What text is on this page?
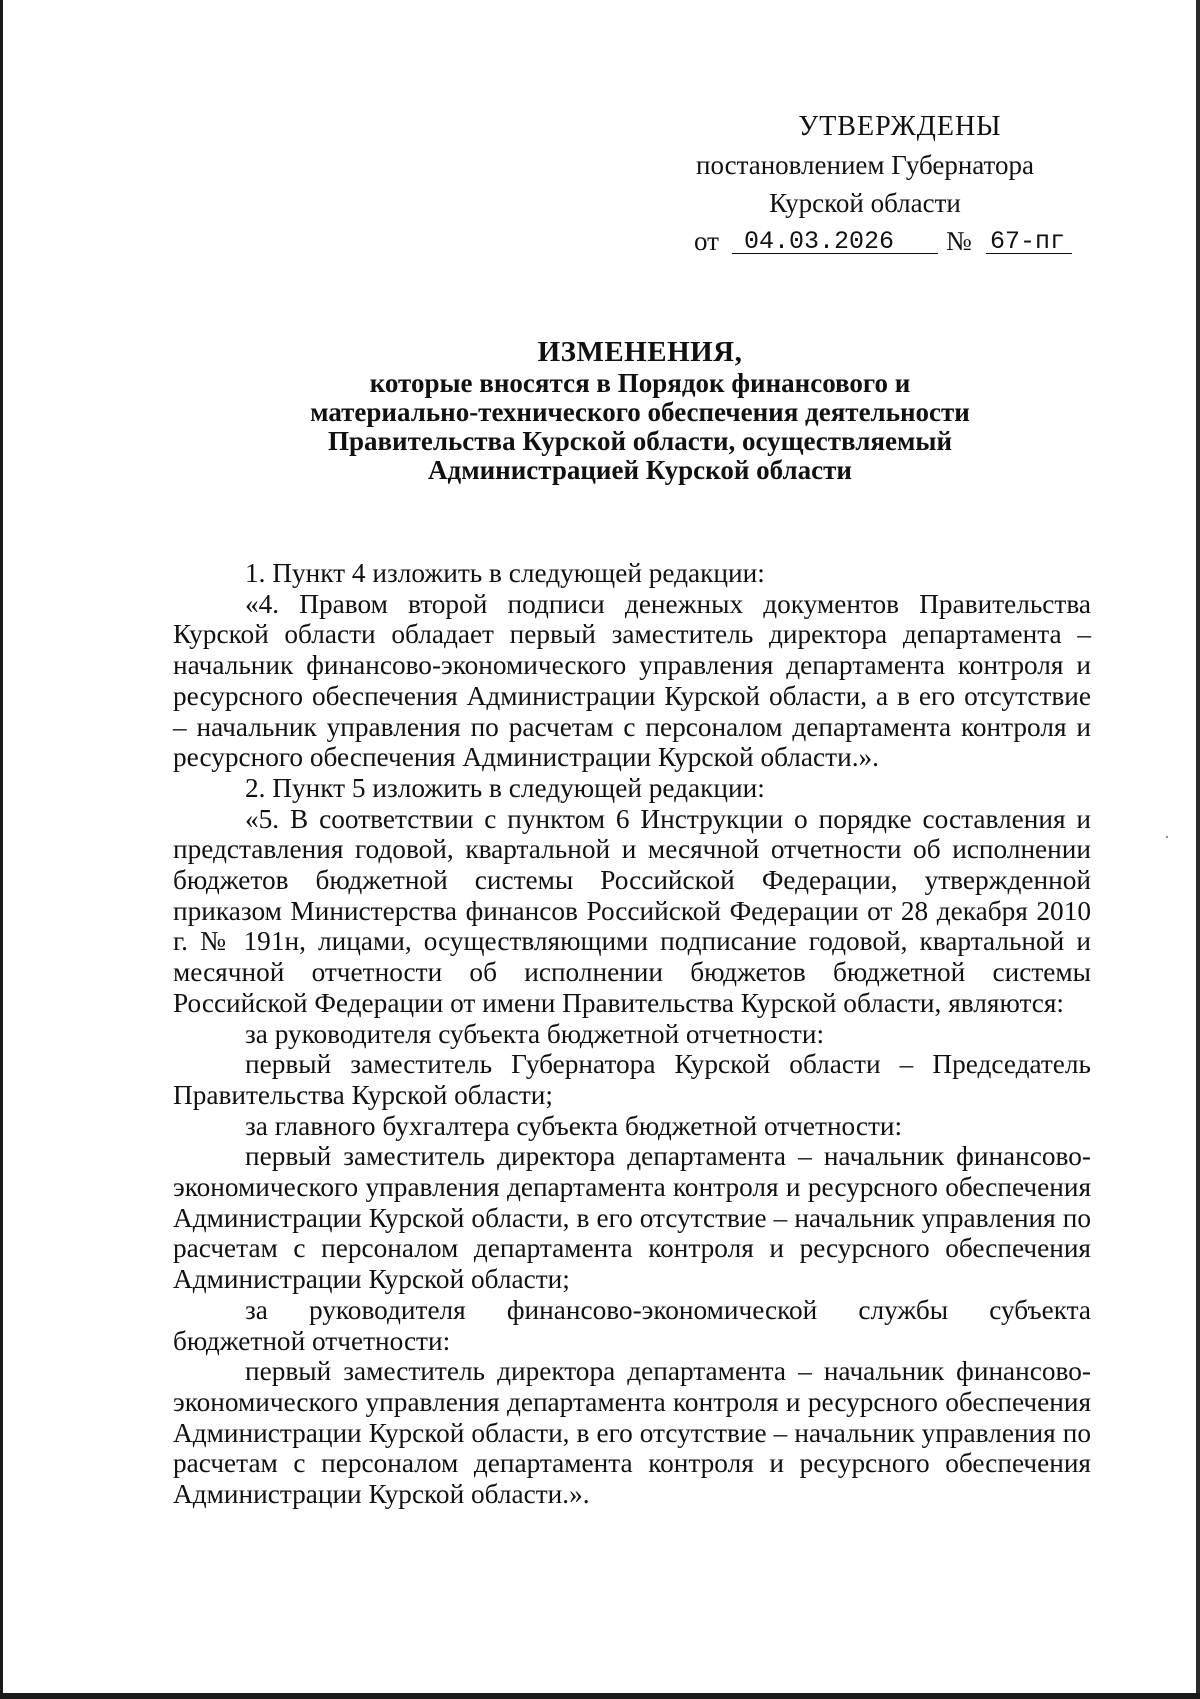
УТВЕРЖДЕНЫ
постановлением Губернатора
Курской области
от	04.03.2026	№ 67-пг
ИЗМЕНЕНИЯ,
которые вносятся в Порядок финансового и
материально-технического обеспечения деятельности
Правительства Курской области, осуществляемый
Администрацией Курской области

1. Пункт 4 изложить в следующей редакции:

«4. Правом второй подписи денежных документов Правительства Курской области обладает первый заместитель директора департамента – начальник финансово-экономического управления департамента контроля и ресурсного обеспечения Администрации Курской области, а в его отсутствие – начальник управления по расчетам с персоналом департамента контроля и ресурсного обеспечения Администрации Курской области.».

2. Пункт 5 изложить в следующей редакции:

«5. В соответствии с пунктом 6 Инструкции о порядке составления и представления годовой, квартальной и месячной отчетности об исполнении бюджетов бюджетной системы Российской Федерации, утвержденной приказом Министерства финансов Российской Федерации от 28 декабря 2010 г. № 191н, лицами, осуществляющими подписание годовой, квартальной и месячной отчетности об исполнении бюджетов бюджетной системы Российской Федерации от имени Правительства Курской области, являются:

за руководителя субъекта бюджетной отчетности:

первый заместитель Губернатора Курской области – Председатель Правительства Курской области;

за главного бухгалтера субъекта бюджетной отчетности:

первый заместитель директора департамента – начальник финансово-экономического управления департамента контроля и ресурсного обеспечения Администрации Курской области, в его отсутствие – начальник управления по расчетам с персоналом департамента контроля и ресурсного обеспечения Администрации Курской области;

за руководителя финансово-экономической службы субъекта бюджетной отчетности:

первый заместитель директора департамента – начальник финансово-экономического управления департамента контроля и ресурсного обеспечения Администрации Курской области, в его отсутствие – начальник управления по расчетам с персоналом департамента контроля и ресурсного обеспечения Администрации Курской области.».
